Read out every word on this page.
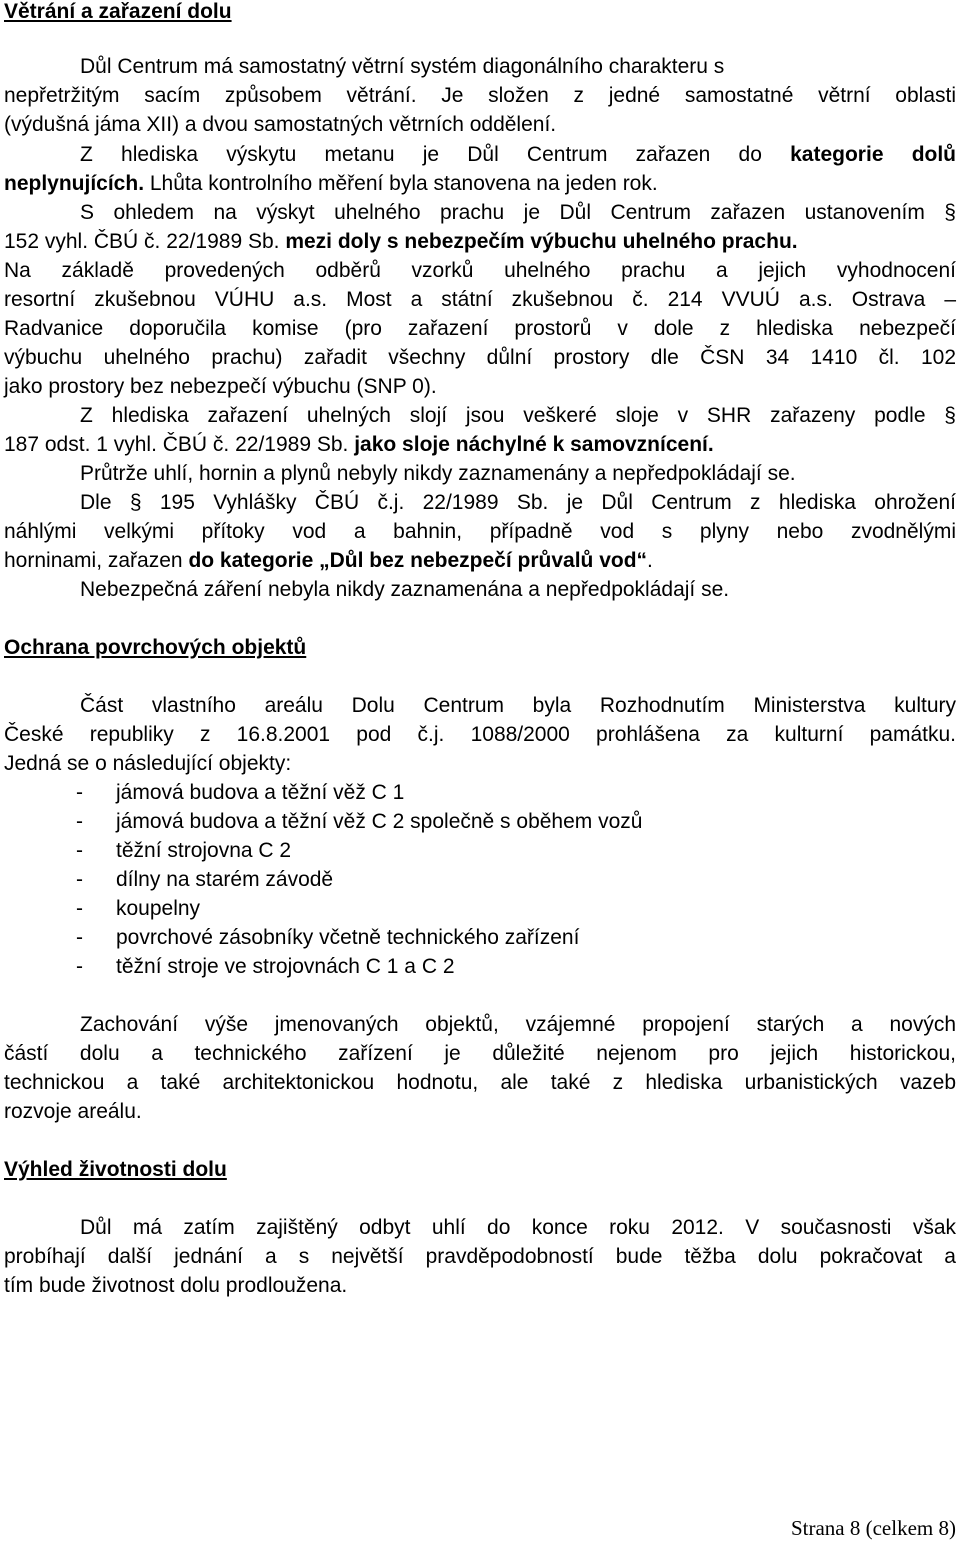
Větrání a zařazení dolu
Důl Centrum má samostatný větrní systém diagonálního charakteru s
nepřetržitým sacím způsobem větrání. Je složen z jedné samostatné větrní oblasti
(výdušná jáma XII) a dvou samostatných větrních oddělení.
Z hlediska výskytu metanu je Důl Centrum zařazen do kategorie dolů
neplynujících. Lhůta kontrolního měření byla stanovena na jeden rok.
S ohledem na výskyt uhelného prachu je Důl Centrum zařazen ustanovením §
152 vyhl. ČBÚ č. 22/1989 Sb. mezi doly s nebezpečím výbuchu uhelného prachu.
Na základě provedených odběrů vzorků uhelného prachu a jejich vyhodnocení
resortní zkušebnou VÚHU a.s. Most a státní zkušebnou č. 214 VVUÚ a.s. Ostrava –
Radvanice doporučila komise (pro zařazení prostorů v dole z hlediska nebezpečí
výbuchu uhelného prachu) zařadit všechny důlní prostory dle ČSN 34 1410 čl. 102
jako prostory bez nebezpečí výbuchu (SNP 0).
Z hlediska zařazení uhelných slojí jsou veškeré sloje v SHR zařazeny podle §
187 odst. 1 vyhl. ČBÚ č. 22/1989 Sb. jako sloje náchylné k samovznícení.
Průtrže uhlí, hornin a plynů nebyly nikdy zaznamenány a nepředpokládají se.
Dle § 195 Vyhlášky ČBÚ č.j. 22/1989 Sb. je Důl Centrum z hlediska ohrožení
náhlými velkými přítoky vod a bahnin, případně vod s plyny nebo zvodnělými
horninami, zařazen do kategorie „Důl bez nebezpečí průvalů vod“.
Nebezpečná záření nebyla nikdy zaznamenána a nepředpokládají se.
Ochrana povrchových objektů
Část vlastního areálu Dolu Centrum byla Rozhodnutím Ministerstva kultury
České republiky z 16.8.2001 pod č.j. 1088/2000 prohlášena za kulturní památku.
Jedná se o následující objekty:
- jámová budova a těžní věž C 1
- jámová budova a těžní věž C 2 společně s oběhem vozů
- těžní strojovna C 2
- dílny na starém závodě
- koupelny
- povrchové zásobníky včetně technického zařízení
- těžní stroje ve strojovnách C 1 a C 2
Zachování výše jmenovaných objektů, vzájemné propojení starých a nových
částí dolu a technického zařízení je důležité nejenom pro jejich historickou,
technickou a také architektonickou hodnotu, ale také z hlediska urbanistických vazeb
rozvoje areálu.
Výhled životnosti dolu
Důl má zatím zajištěný odbyt uhlí do konce roku 2012. V současnosti však
probíhají další jednání a s největší pravděpodobností bude těžba dolu pokračovat a
tím bude životnost dolu prodloužena.
Strana 8 (celkem 8)
